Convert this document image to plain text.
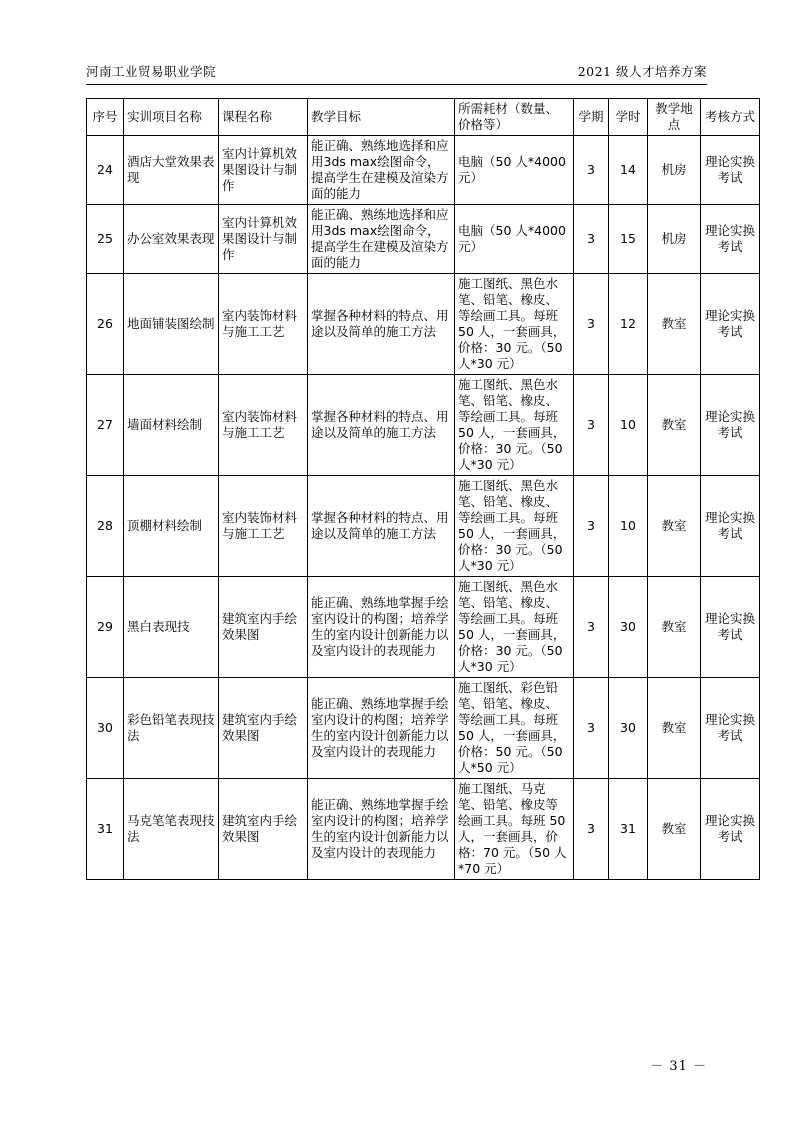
河南工业贸易职业学院	2021 级人才培养方案
序号	实训项目名称	课程名称	教学目标	所需耗材（数量、价格等）	学期	学时	教学地点	考核方式
24	酒店大堂效果表现	室内计算机效果图设计与制作	能正确、熟练地选择和应用3ds max绘图命令，提高学生在建模及渲染方面的能力	电脑（50 人*4000 元）	3	14	机房	理论实换考试
25	办公室效果表现	室内计算机效果图设计与制作	能正确、熟练地选择和应用3ds max绘图命令，提高学生在建模及渲染方面的能力	电脑（50 人*4000 元）	3	15	机房	理论实换考试
26	地面铺装图绘制	室内装饰材料与施工工艺	掌握各种材料的特点、用途以及简单的施工方法	施工图纸、黑色水笔、铅笔、橡皮、等绘画工具。每班50 人，一套画具，价格：30 元。（50 人*30 元）	3	12	教室	理论实换考试
27	墙面材料绘制	室内装饰材料与施工工艺	掌握各种材料的特点、用途以及简单的施工方法	施工图纸、黑色水笔、铅笔、橡皮、等绘画工具。每班50 人，一套画具，价格：30 元。（50 人*30 元）	3	10	教室	理论实换考试
28	顶棚材料绘制	室内装饰材料与施工工艺	掌握各种材料的特点、用途以及简单的施工方法	施工图纸、黑色水笔、铅笔、橡皮、等绘画工具。每班50 人，一套画具，价格：30 元。（50 人*30 元）	3	10	教室	理论实换考试
29	黑白表现技	建筑室内手绘效果图	能正确、熟练地掌握手绘室内设计的构图；培养学生的室内设计创新能力以及室内设计的表现能力	施工图纸、黑色水笔、铅笔、橡皮、等绘画工具。每班50 人，一套画具，价格：30 元。（50 人*30 元）	3	30	教室	理论实换考试
30	彩色铅笔表现技法	建筑室内手绘效果图	能正确、熟练地掌握手绘室内设计的构图；培养学生的室内设计创新能力以及室内设计的表现能力	施工图纸、彩色铅笔、铅笔、橡皮、等绘画工具。每班50 人，一套画具，价格：50 元。（50 人*50 元）	3	30	教室	理论实换考试
31	马克笔笔表现技法	建筑室内手绘效果图	能正确、熟练地掌握手绘室内设计的构图；培养学生的室内设计创新能力以及室内设计的表现能力	施工图纸、马克笔、铅笔、橡皮等绘画工具。每班 50 人，一套画具，价格：70 元。（50 人*70 元）	3	31	教室	理论实换考试
－ 31 －
